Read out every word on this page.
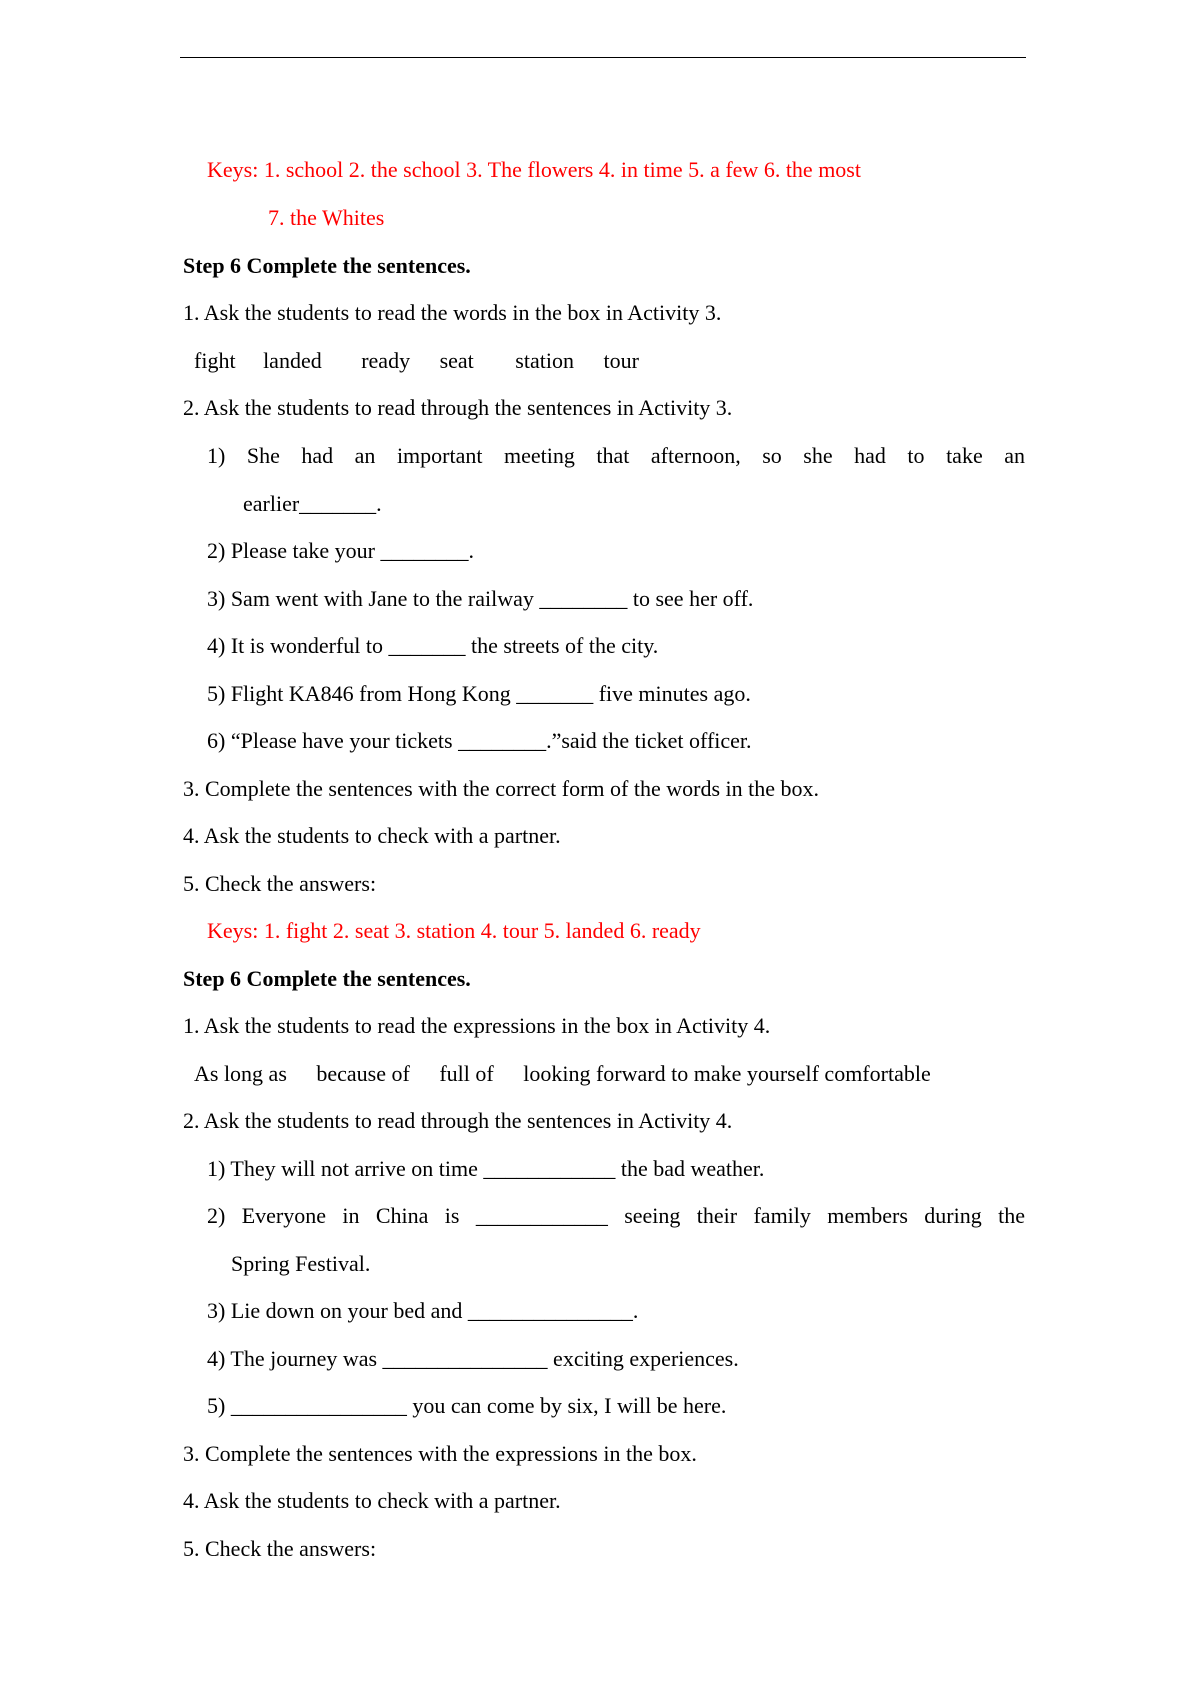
Keys: 1. school 2. the school 3. The flowers 4. in time 5. a few 6. the most
7. the Whites
Step 6 Complete the sentences.
1. Ask the students to read the words in the box in Activity 3.
fight landed ready seat station tour
2. Ask the students to read through the sentences in Activity 3.
1) She had an important meeting that afternoon, so she had to take an
earlier_______.
2) Please take your ________.
3) Sam went with Jane to the railway ________ to see her off.
4) It is wonderful to _______ the streets of the city.
5) Flight KA846 from Hong Kong _______ five minutes ago.
6) “Please have your tickets ________.”said the ticket officer.
3. Complete the sentences with the correct form of the words in the box.
4. Ask the students to check with a partner.
5. Check the answers:
Keys: 1. fight 2. seat 3. station 4. tour 5. landed 6. ready
Step 6 Complete the sentences.
1. Ask the students to read the expressions in the box in Activity 4.
As long as because of full of looking forward to make yourself comfortable
2. Ask the students to read through the sentences in Activity 4.
1) They will not arrive on time ____________ the bad weather.
2) Everyone in China is ____________ seeing their family members during the
Spring Festival.
3) Lie down on your bed and _______________.
4) The journey was _______________ exciting experiences.
5) ________________ you can come by six, I will be here.
3. Complete the sentences with the expressions in the box.
4. Ask the students to check with a partner.
5. Check the answers:
